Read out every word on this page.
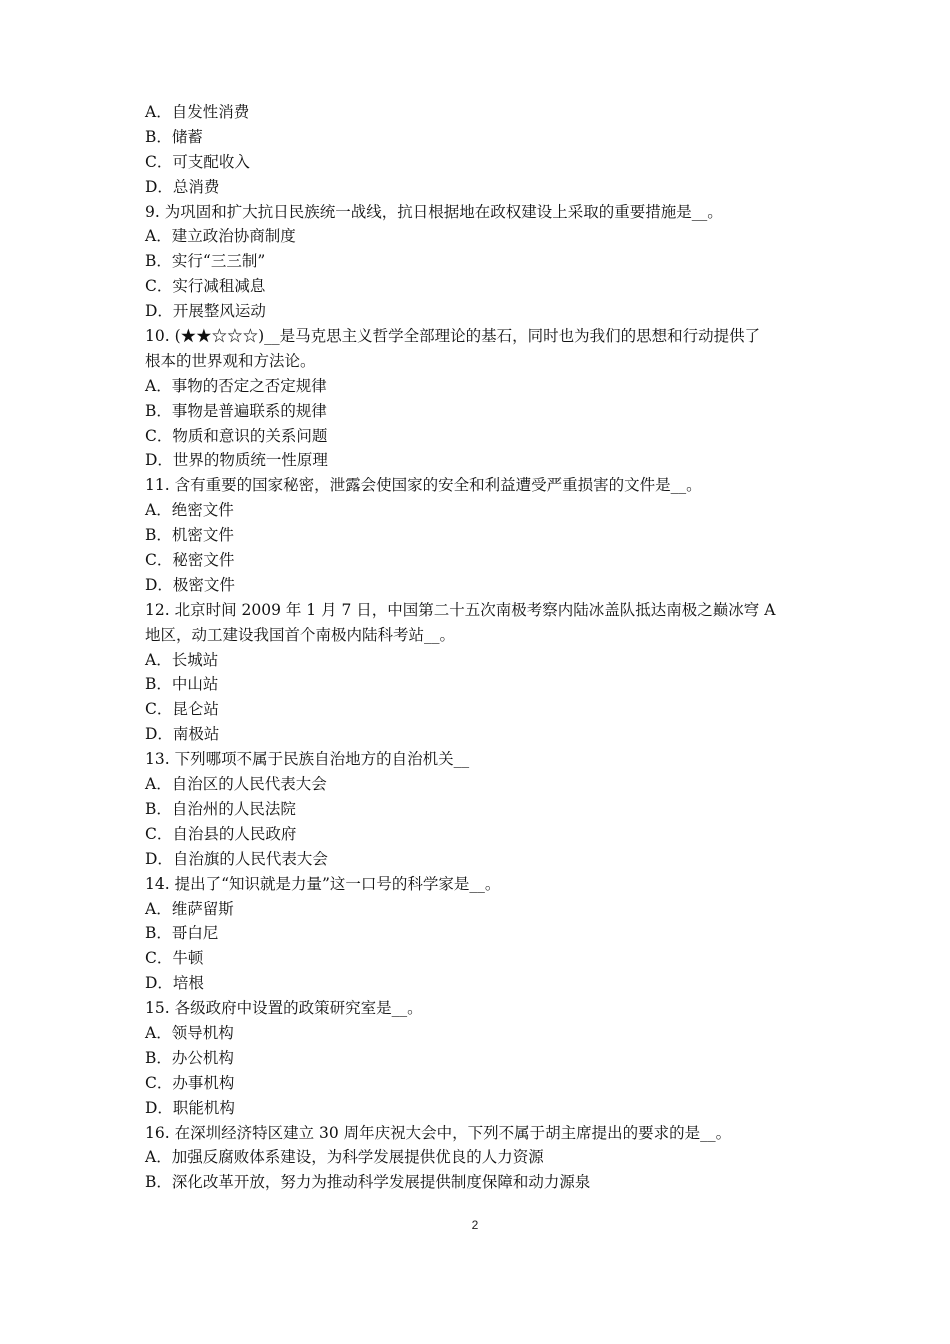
A．自发性消费
B．储蓄
C．可支配收入
D．总消费
9. 为巩固和扩大抗日民族统一战线，抗日根据地在政权建设上采取的重要措施是__。
A．建立政治协商制度
B．实行“三三制”
C．实行减租减息
D．开展整风运动
10. (★★☆☆☆)__是马克思主义哲学全部理论的基石，同时也为我们的思想和行动提供了
根本的世界观和方法论。
A．事物的否定之否定规律
B．事物是普遍联系的规律
C．物质和意识的关系问题
D．世界的物质统一性原理
11. 含有重要的国家秘密，泄露会使国家的安全和利益遭受严重损害的文件是__。
A．绝密文件
B．机密文件
C．秘密文件
D．极密文件
12. 北京时间 2009 年 1 月 7 日，中国第二十五次南极考察内陆冰盖队抵达南极之巅冰穹 A
地区，动工建设我国首个南极内陆科考站__。
A．长城站
B．中山站
C．昆仑站
D．南极站
13. 下列哪项不属于民族自治地方的自治机关__
A．自治区的人民代表大会
B．自治州的人民法院
C．自治县的人民政府
D．自治旗的人民代表大会
14. 提出了“知识就是力量”这一口号的科学家是__。
A．维萨留斯
B．哥白尼
C．牛顿
D．培根
15. 各级政府中设置的政策研究室是__。
A．领导机构
B．办公机构
C．办事机构
D．职能机构
16. 在深圳经济特区建立 30 周年庆祝大会中，下列不属于胡主席提出的要求的是__。
A．加强反腐败体系建设，为科学发展提供优良的人力资源
B．深化改革开放，努力为推动科学发展提供制度保障和动力源泉
2
